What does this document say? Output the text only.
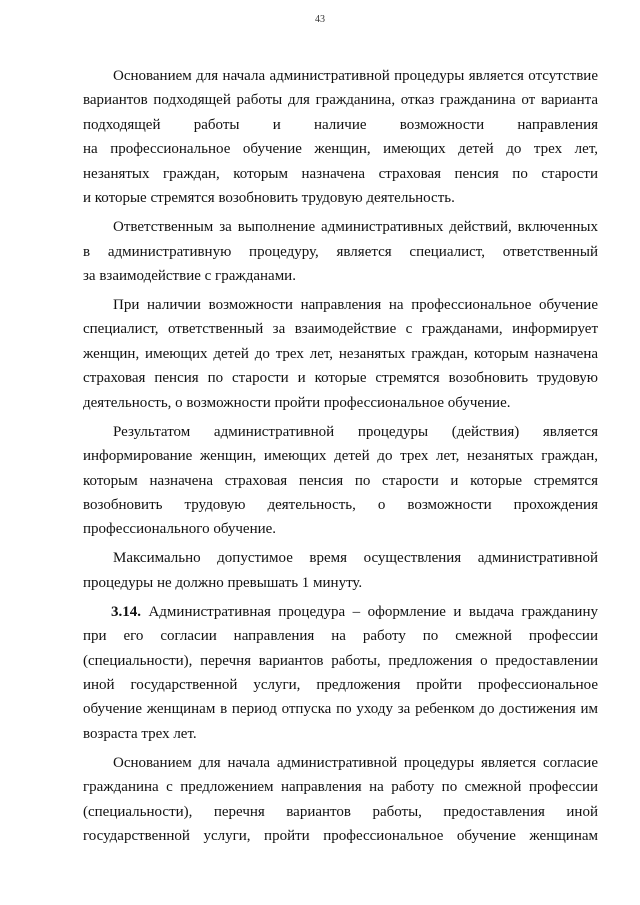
43
Основанием для начала административной процедуры является отсутствие
вариантов подходящей работы для гражданина, отказ гражданина от варианта
подходящей работы и наличие возможности направления
на профессиональное обучение женщин, имеющих детей до трех лет,
незанятых граждан, которым назначена страховая пенсия по старости
и которые стремятся возобновить трудовую деятельность.
Ответственным за выполнение административных действий, включенных
в административную процедуру, является специалист, ответственный
за взаимодействие с гражданами.
При наличии возможности направления на профессиональное обучение
специалист, ответственный за взаимодействие с гражданами, информирует
женщин, имеющих детей до трех лет, незанятых граждан, которым назначена
страховая пенсия по старости и которые стремятся возобновить трудовую
деятельность, о возможности пройти профессиональное обучение.
Результатом административной процедуры (действия) является
информирование женщин, имеющих детей до трех лет, незанятых граждан,
которым назначена страховая пенсия по старости и которые стремятся
возобновить трудовую деятельность, о возможности прохождения
профессионального обучение.
Максимально допустимое время осуществления административной
процедуры не должно превышать 1 минуту.
3.14. Административная процедура – оформление и выдача гражданину
при его согласии направления на работу по смежной профессии
(специальности), перечня вариантов работы, предложения о предоставлении
иной государственной услуги, предложения пройти профессиональное
обучение женщинам в период отпуска по уходу за ребенком до достижения им
возраста трех лет.
Основанием для начала административной процедуры является согласие
гражданина с предложением направления на работу по смежной профессии
(специальности), перечня вариантов работы, предоставления иной
государственной услуги, пройти профессиональное обучение женщинам
